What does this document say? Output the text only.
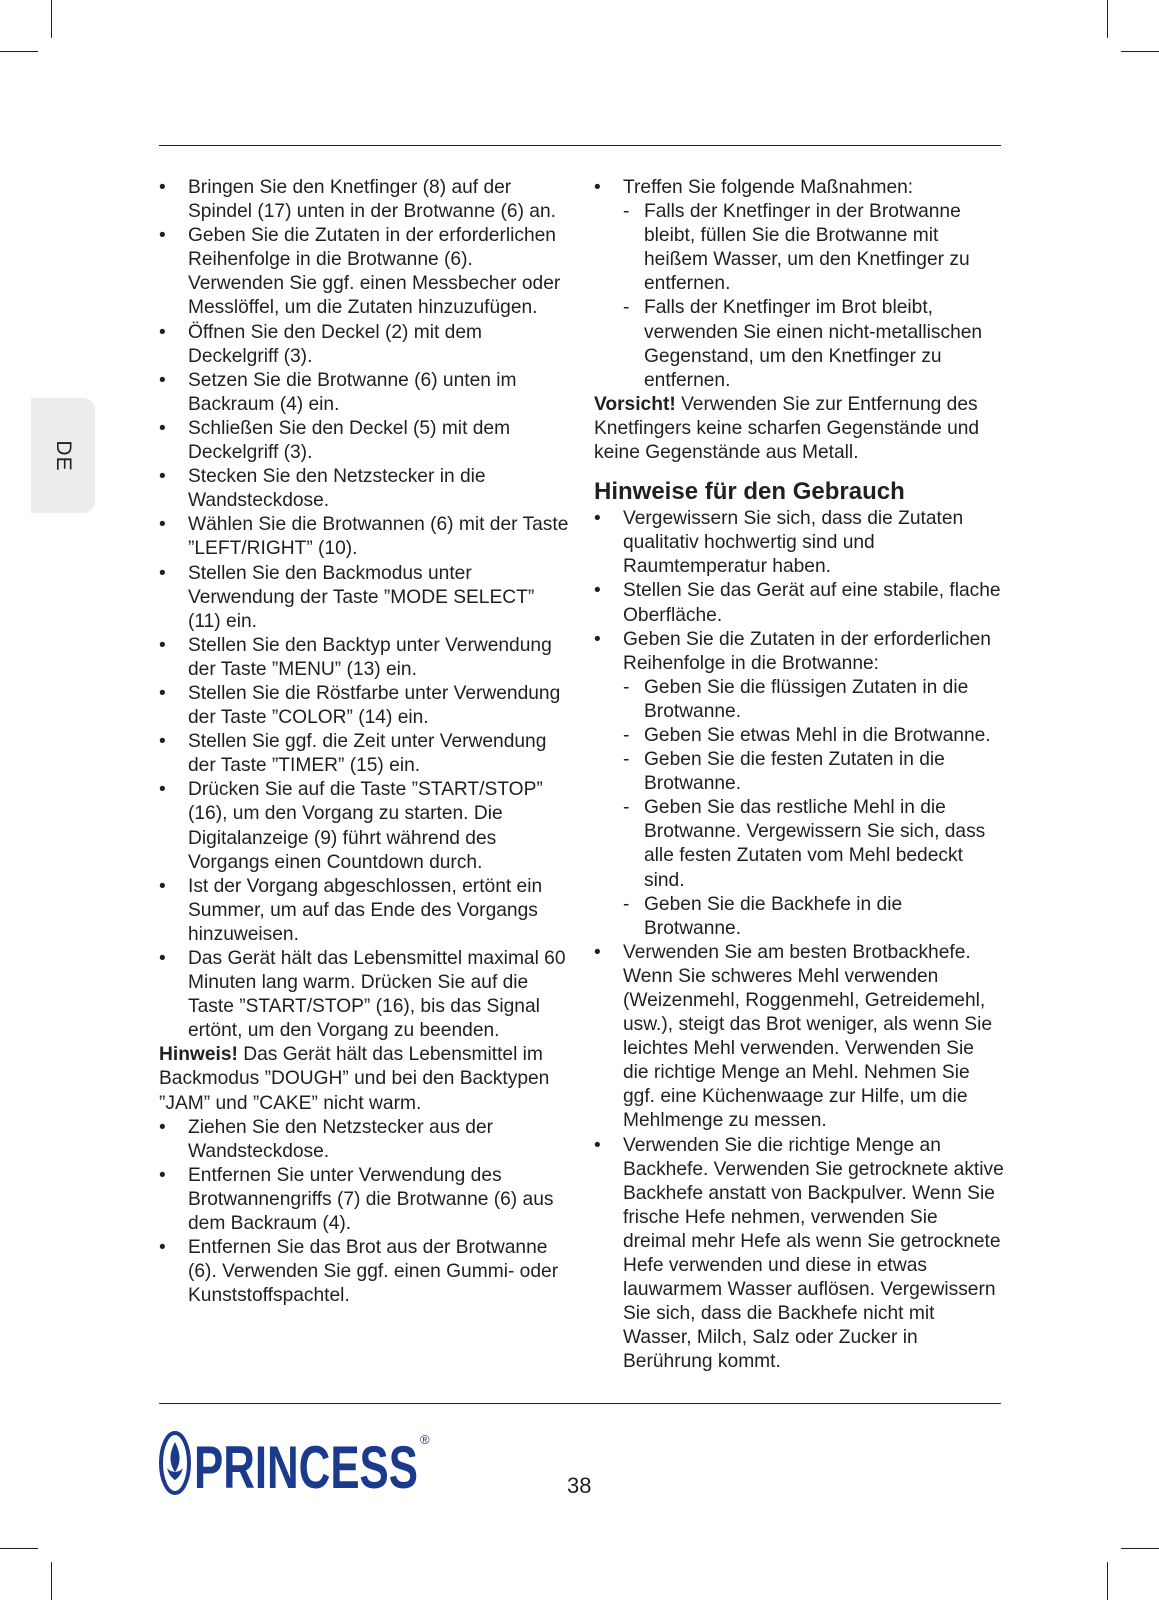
DE
• Bringen Sie den Knetfinger (8) auf der Spindel (17) unten in der Brotwanne (6) an.
• Geben Sie die Zutaten in der erforderlichen Reihenfolge in die Brotwanne (6). Verwenden Sie ggf. einen Messbecher oder Messlöffel, um die Zutaten hinzuzufügen.
• Öffnen Sie den Deckel (2) mit dem Deckelgriff (3).
• Setzen Sie die Brotwanne (6) unten im Backraum (4) ein.
• Schließen Sie den Deckel (5) mit dem Deckelgriff (3).
• Stecken Sie den Netzstecker in die Wandsteckdose.
• Wählen Sie die Brotwannen (6) mit der Taste ”LEFT/RIGHT” (10).
• Stellen Sie den Backmodus unter Verwendung der Taste ”MODE SELECT” (11) ein.
• Stellen Sie den Backtyp unter Verwendung der Taste ”MENU” (13) ein.
• Stellen Sie die Röstfarbe unter Verwendung der Taste ”COLOR” (14) ein.
• Stellen Sie ggf. die Zeit unter Verwendung der Taste ”TIMER” (15) ein.
• Drücken Sie auf die Taste ”START/STOP” (16), um den Vorgang zu starten. Die Digitalanzeige (9) führt während des Vorgangs einen Countdown durch.
• Ist der Vorgang abgeschlossen, ertönt ein Summer, um auf das Ende des Vorgangs hinzuweisen.
• Das Gerät hält das Lebensmittel maximal 60 Minuten lang warm. Drücken Sie auf die Taste ”START/STOP” (16), bis das Signal ertönt, um den Vorgang zu beenden.

Hinweis! Das Gerät hält das Lebensmittel im Backmodus ”DOUGH” und bei den Backtypen ”JAM” und ”CAKE” nicht warm.

• Ziehen Sie den Netzstecker aus der Wandsteckdose.
• Entfernen Sie unter Verwendung des Brotwannengriffs (7) die Brotwanne (6) aus dem Backraum (4).
• Entfernen Sie das Brot aus der Brotwanne (6). Verwenden Sie ggf. einen Gummi- oder Kunststoffspachtel.
• Treffen Sie folgende Maßnahmen:
- Falls der Knetfinger in der Brotwanne bleibt, füllen Sie die Brotwanne mit heißem Wasser, um den Knetfinger zu entfernen.
- Falls der Knetfinger im Brot bleibt, verwenden Sie einen nicht-metallischen Gegenstand, um den Knetfinger zu entfernen.

Vorsicht! Verwenden Sie zur Entfernung des Knetfingers keine scharfen Gegenstände und keine Gegenstände aus Metall.

Hinweise für den Gebrauch
• Vergewissern Sie sich, dass die Zutaten qualitativ hochwertig sind und Raumtemperatur haben.
• Stellen Sie das Gerät auf eine stabile, flache Oberfläche.
• Geben Sie die Zutaten in der erforderlichen Reihenfolge in die Brotwanne:
- Geben Sie die flüssigen Zutaten in die Brotwanne.
- Geben Sie etwas Mehl in die Brotwanne.
- Geben Sie die festen Zutaten in die Brotwanne.
- Geben Sie das restliche Mehl in die Brotwanne. Vergewissern Sie sich, dass alle festen Zutaten vom Mehl bedeckt sind.
- Geben Sie die Backhefe in die Brotwanne.
• Verwenden Sie am besten Brotbackhefe. Wenn Sie schweres Mehl verwenden (Weizenmehl, Roggenmehl, Getreidemehl, usw.), steigt das Brot weniger, als wenn Sie leichtes Mehl verwenden. Verwenden Sie die richtige Menge an Mehl. Nehmen Sie ggf. eine Küchenwaage zur Hilfe, um die Mehlmenge zu messen.
• Verwenden Sie die richtige Menge an Backhefe. Verwenden Sie getrocknete aktive Backhefe anstatt von Backpulver. Wenn Sie frische Hefe nehmen, verwenden Sie dreimal mehr Hefe als wenn Sie getrocknete Hefe verwenden und diese in etwas lauwarmem Wasser auflösen. Vergewissern Sie sich, dass die Backhefe nicht mit Wasser, Milch, Salz oder Zucker in Berührung kommt.
PRINCESS ®
38
